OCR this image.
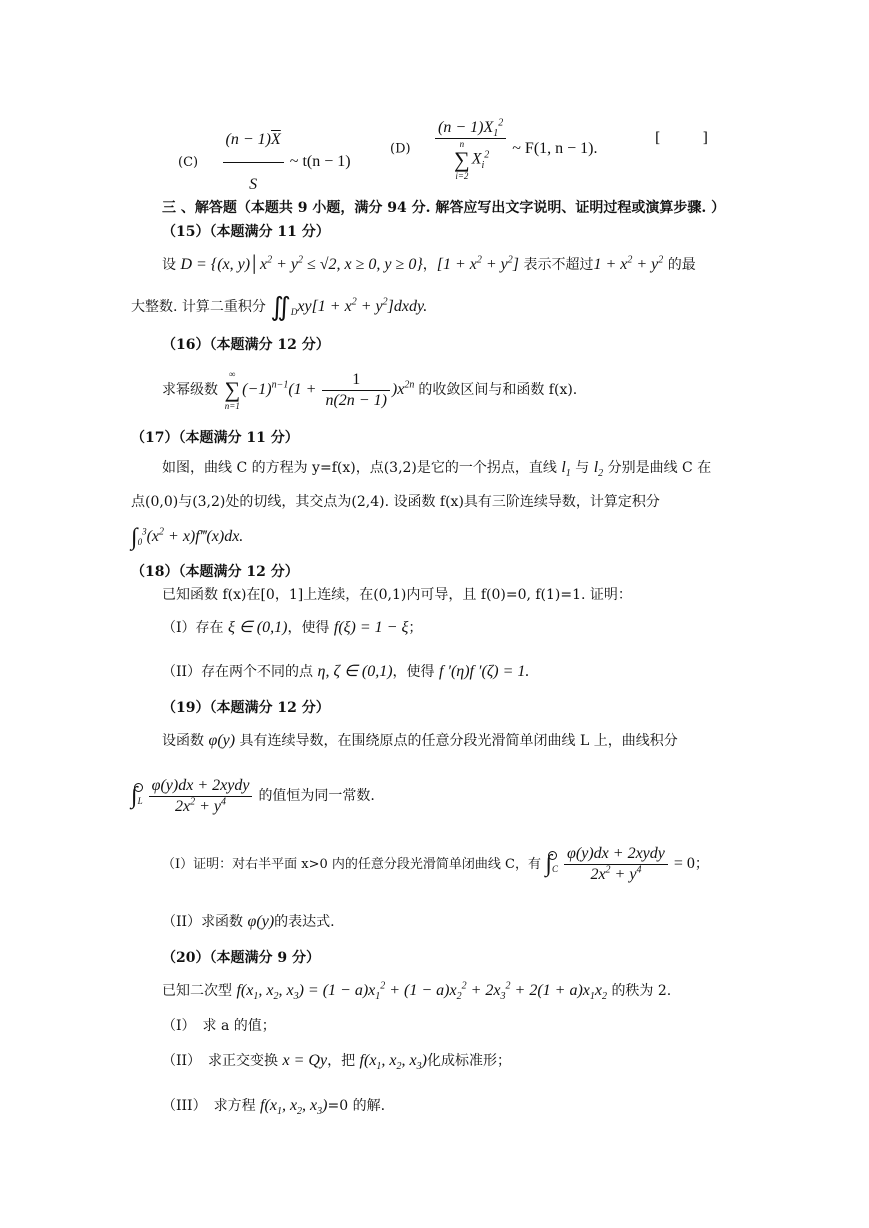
$(C) \frac{(n - 1)\overline{X}}{S}$ ~ t(n − 1)
(D) $(n - 1)X_1^2$
n
∑
i=2
$X_i^2$ ~ F(1, n − 1).
[　　　]
三 、解答题（本题共 9 小题，满分 94 分. 解答应写出文字说明、证明过程或演算步骤. ）
（15）（本题满分 11 分）
设 D = {(x, $y)│x^2 + y^2 \le √2$, x ≥ 0, y ≥ 0}，$[1 + x^2 + y^2]$ 表示不超过$1 + x^2 + y^2$ 的最
大整数. 计算二重积分 $∬_Dxy[1 + x^2$ + $y^2]dxdy$.
（16）（本题满分 12 分）
求幂级数
∞
∑
n=1
$(-1)^{n-1}(1 + \frac{1}{n(2n - 1)} )x^{2n}$ 的收敛区间与和函数 f(x).
（17）（本题满分 11 分）
如图，曲线 C 的方程为 y=f(x)，点(3,2)是它的一个拐点，直线 $l_1$ 与 $l_2$ 分别是曲线 C 在
点(0,0)与(3,2)处的切线，其交点为(2,4). 设函数 f(x)具有三阶连续导数，计算定积分
$\int_0^3(x^2$ + x)f‴(x)dx.
（18）（本题满分 12 分）
已知函数 f(x)在[0，1]上连续，在(0,1)内可导，且 f(0)=0, f(1)=1. 证明：
（I）存在 ξ ∈ (0,1)，使得 f(ξ) = 1 − ξ；
（II）存在两个不同的点 η, ζ ∈ (0,1)，使得 f ′(η)f ′(ζ) = 1.
（19）（本题满分 12 分）
设函数 φ(y) 具有连续导数，在围绕原点的任意分段光滑简单闭曲线 L 上，曲线积分
$\int_L \frac{\text{φ(y)dx + 2xydy}}{2x^2 + y^4}$ 的值恒为同一常数.
（I）证明：对右半平面 x>0 内的任意分段光滑简单闭曲线 C，有 $\int_C \frac{\text{φ(y)dx + 2xydy}}{2x^2 + y^4} = 0$；
（II）求函数 φ(y)的表达式.
（20）（本题满分 9 分）
已知二次型 $f(x_1$, $x_2$, $x_3) = (1 - a)x_1^2 + (1 - a)x_2^2 + 2x_3^2 + 2(1 + a)x_1x_2$ 的秩为 2.
（I）　求 a 的值；
（II）　求正交变换 x = Qy，把 $f(x_1$, $x_2$, $x_3$)化成标准形；
（III）　求方程 $f(x_1$, $x_2$, $x_3)=0$ 的解.
